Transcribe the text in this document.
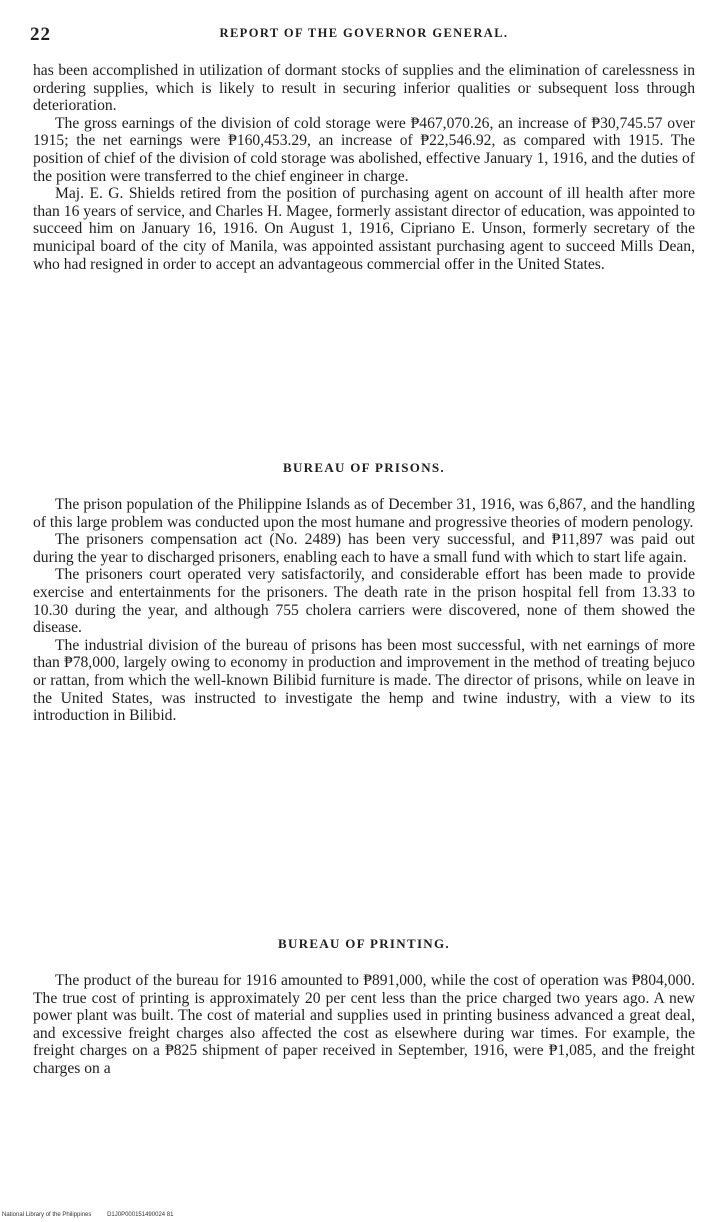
22	REPORT OF THE GOVERNOR GENERAL.

has been accomplished in utilization of dormant stocks of supplies and the elimination of carelessness in ordering supplies, which is likely to result in securing inferior qualities or subsequent loss through deterioration.

The gross earnings of the division of cold storage were ₱467,070.26, an increase of ₱30,745.57 over 1915; the net earnings were ₱160,453.29, an increase of ₱22,546.92, as compared with 1915. The position of chief of the division of cold storage was abolished, effective January 1, 1916, and the duties of the position were transferred to the chief engineer in charge.

Maj. E. G. Shields retired from the position of purchasing agent on account of ill health after more than 16 years of service, and Charles H. Magee, formerly assistant director of education, was appointed to succeed him on January 16, 1916. On August 1, 1916, Cipriano E. Unson, formerly secretary of the municipal board of the city of Manila, was appointed assistant purchasing agent to succeed Mills Dean, who had resigned in order to accept an advantageous commercial offer in the United States.

BUREAU OF PRISONS.

The prison population of the Philippine Islands as of December 31, 1916, was 6,867, and the handling of this large problem was conducted upon the most humane and progressive theories of modern penology.

The prisoners compensation act (No. 2489) has been very successful, and ₱11,897 was paid out during the year to discharged prisoners, enabling each to have a small fund with which to start life again.

The prisoners court operated very satisfactorily, and considerable effort has been made to provide exercise and entertainments for the prisoners. The death rate in the prison hospital fell from 13.33 to 10.30 during the year, and although 755 cholera carriers were discovered, none of them showed the disease.

The industrial division of the bureau of prisons has been most successful, with net earnings of more than ₱78,000, largely owing to economy in production and improvement in the method of treating bejuco or rattan, from which the well-known Bilibid furniture is made. The director of prisons, while on leave in the United States, was instructed to investigate the hemp and twine industry, with a view to its introduction in Bilibid.

BUREAU OF PRINTING.

The product of the bureau for 1916 amounted to ₱891,000, while the cost of operation was ₱804,000. The true cost of printing is approximately 20 per cent less than the price charged two years ago. A new power plant was built. The cost of material and supplies used in printing business advanced a great deal, and excessive freight charges also affected the cost as elsewhere during war times. For example, the freight charges on a ₱825 shipment of paper received in September, 1916, were ₱1,085, and the freight charges on a

National Library of the Philippines	D1J0P000151490024 81
